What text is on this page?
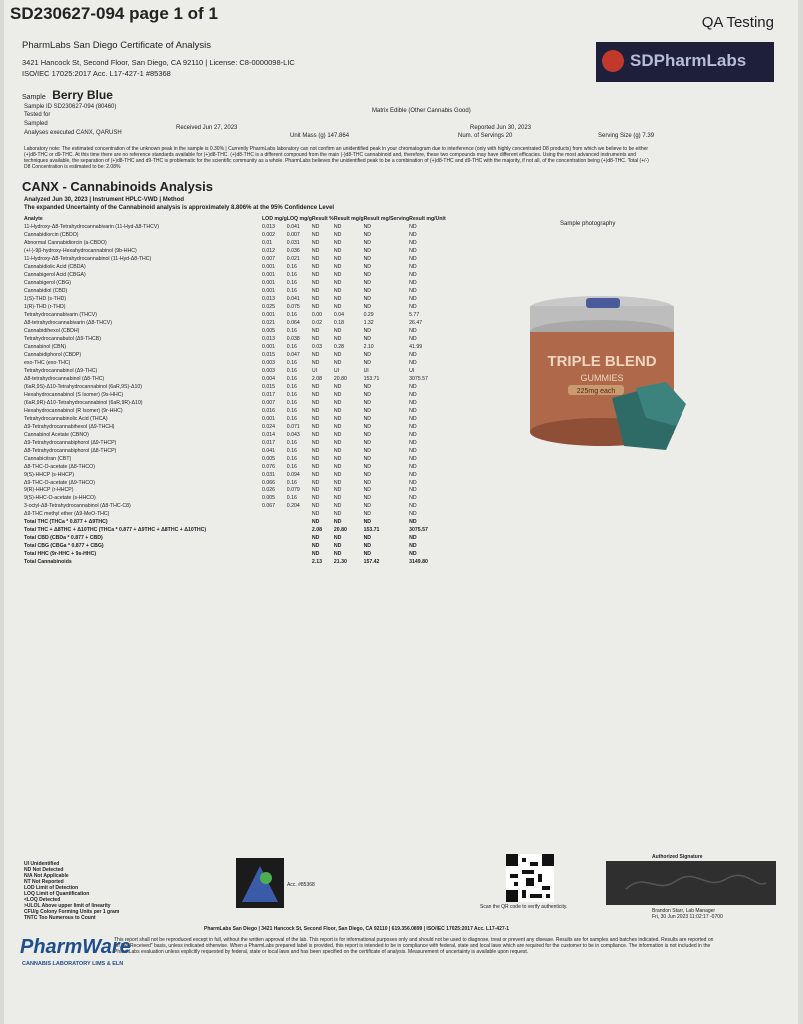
SD230627-094 page 1 of 1	QA Testing
PharmLabs San Diego Certificate of Analysis
3421 Hancock St, Second Floor, San Diego, CA 92110 | License: C8-0000098-LIC
ISO/IEC 17025:2017 Acc. L17-427-1 #85368
SDPharmLabs
Sample Berry Blue
Sample ID SD230627-094 (80460)
Tested for
Sampled
Analyses executed CANX, QARUSH
Received Jun 27, 2023
Unit Mass (g) 147.864
Matrix Edible (Other Cannabis Good)
Reported Jun 30, 2023
Num. of Servings 20	Serving Size (g) 7.39
Laboratory note: The estimated concentration of the unknown peak in the sample is 0.30% | Currently PharmLabs laboratory can not confirm an unidentified peak in your chromatogram due to interference (only with highly concentrated D8 products) from which we believe to be either
(+)d8-THC or d9-THC. At this time there are no reference standards available for (+)d8-THC. (+)d8-THC is a different compound from the main (-)d8-THC cannabinoid and, therefore, these two compounds may have different efficacies. Using the most advanced instruments and
techniques available, the separation of (+)d8-THC and d9-THC is problematic for the scientific community as a whole. PharmLabs believes the unidentified peak to be a combination of (+)d8-THC and d9-THC with the majority, if not all, of the concentration being (+)d8-THC. Total (+/-)
D8 Concentration is estimated to be: 2.08%
CANX - Cannabinoids Analysis
Analyzed Jun 30, 2023 | Instrument HPLC-VWD | Method
The expanded Uncertainty of the Cannabinoid analysis is approximately 8.806% at the 95% Confidence Level
Sample photography
Analyte	LOD mg/g	LOQ mg/g	Result %	Result mg/g	Result mg/Serving	Result mg/Unit
11-Hydroxy-Δ8-Tetrahydrocannabivarin (11-Hyd-Δ8-THCV)	0.013	0.041	ND	ND	ND	ND
Cannabidiorcin (CBDO)	0.002	0.007	ND	ND	ND	ND
Abnormal Cannabidiorcin (a-CBDO)	0.01	0.031	ND	ND	ND	ND
(+/-)-9β-hydroxy-Hexahydrocannabinol (9b-HHC)	0.012	0.036	ND	ND	ND	ND
11-Hydroxy-Δ8-Tetrahydrocannabinol (11-Hyd-Δ8-THC)	0.007	0.021	ND	ND	ND	ND
Cannabidiolic Acid (CBDA)	0.001	0.16	ND	ND	ND	ND
Cannabigerol Acid (CBGA)	0.001	0.16	ND	ND	ND	ND
Cannabigerol (CBG)	0.001	0.16	ND	ND	ND	ND
Cannabidiol (CBD)	0.001	0.16	ND	ND	ND	ND
1(S)-THD (s-THD)	0.013	0.041	ND	ND	ND	ND
1(R)-THD (r-THD)	0.025	0.075	ND	ND	ND	ND
Tetrahydrocannabivarin (THCV)	0.001	0.16	0.00	0.04	0.29	5.77
Δ8-tetrahydrocannabivarin (Δ8-THCV)	0.021	0.064	0.02	0.18	1.32	26.47
Cannabidihexol (CBDH)	0.005	0.16	ND	ND	ND	ND
Tetrahydrocannabutol (Δ9-THCB)	0.013	0.038	ND	ND	ND	ND
Cannabinol (CBN)	0.001	0.16	0.03	0.28	2.10	41.99
Cannabidiphorol (CBDP)	0.015	0.047	ND	ND	ND	ND
exo-THC (exo-THC)	0.003	0.16	ND	ND	ND	ND
Tetrahydrocannabinol (Δ9-THC)	0.003	0.16	UI	UI	UI	UI
Δ8-tetrahydrocannabinol (Δ8-THC)	0.004	0.16	2.08	20.80	153.71	3075.57
(6aR,9S)-Δ10-Tetrahydrocannabinol (6aR,9S)-Δ10)	0.015	0.16	ND	ND	ND	ND
Hexahydrocannabinol (S Isomer) (9s-HHC)	0.017	0.16	ND	ND	ND	ND
(6aR,9R)-Δ10-Tetrahydrocannabinol (6aR,9R)-Δ10)	0.007	0.16	ND	ND	ND	ND
Hexahydrocannabinol (R Isomer) (9r-HHC)	0.016	0.16	ND	ND	ND	ND
Tetrahydrocannabinolic Acid (THCA)	0.001	0.16	ND	ND	ND	ND
Δ9-Tetrahydrocannabihexol (Δ9-THCH)	0.024	0.071	ND	ND	ND	ND
Cannabinol Acetate (CBNO)	0.014	0.043	ND	ND	ND	ND
Δ9-Tetrahydrocannabiphorol (Δ9-THCP)	0.017	0.16	ND	ND	ND	ND
Δ8-Tetrahydrocannabiphorol (Δ8-THCP)	0.041	0.16	ND	ND	ND	ND
Cannabicitran (CBT)	0.005	0.16	ND	ND	ND	ND
Δ8-THC-O-acetate (Δ8-THCO)	0.076	0.16	ND	ND	ND	ND
9(S)-HHCP (s-HHCP)	0.031	0.094	ND	ND	ND	ND
Δ9-THC-O-acetate (Δ9-THCO)	0.066	0.16	ND	ND	ND	ND
9(R)-HHCP (r-HHCP)	0.026	0.079	ND	ND	ND	ND
9(S)-HHC-O-acetate (s-HHCO)	0.005	0.16	ND	ND	ND	ND
3-octyl-Δ8-Tetrahydrocannabinol (Δ8-THC-C8)	0.067	0.204	ND	ND	ND	ND
Δ9-THC methyl ether (Δ9-MeO-THC)			ND	ND	ND	ND
Total THC (THCa * 0.877 + Δ9THC)			ND	ND	ND	ND
Total THC + Δ8THC + Δ10THC (THCa * 0.877 + Δ9THC + Δ8THC + Δ10THC)			2.08	20.80	153.71	3075.57
Total CBD (CBDa * 0.877 + CBD)			ND	ND	ND	ND
Total CBG (CBGa * 0.877 + CBG)			ND	ND	ND	ND
Total HHC (9r-HHC + 9s-HHC)			ND	ND	ND	ND
Total Cannabinoids			2.13	21.30	157.42	3149.80
TRIPLE BLEND
GUMMIES
225mg each
UI Unidentified
ND Not Detected
N/A Not Applicable
NT Not Reported
LOD Limit of Detection
LOQ Limit of Quantification
<LOQ Detected
>ULOL Above upper limit of linearity
CFU/g Colony Forming Units per 1 gram
TNTC Too Numerous to Count
Acc. #85368
Scan the QR code to verify authenticity.
Authorized Signature
Brandon Starr, Lab Manager
Fri, 30 Jun 2023 11:02:17 -0700
PharmLabs San Diego | 3421 Hancock St, Second Floor, San Diego, CA 92110 | 619.356.0899 | ISO/IEC 17025:2017 Acc. L17-427-1
This report shall not be reproduced except in full, without the written approval of the lab. This report is for informational purposes only and should not be used to diagnose, treat or prevent any disease. Results are for samples and batches indicated. Results are reported on
an "As Received" basis, unless indicated otherwise. When a PharmLabs prepared label is provided, this report is intended to be in compliance with federal, state and local laws which are required for the customer to be in compliance. The information is not included in the
PharmLabs evaluation unless explicitly requested by federal, state or local laws and has been specified on the certificate of analysis. Measurement of uncertainty is available upon request.
PharmWare
CANNABIS LABORATORY LIMS & ELN
